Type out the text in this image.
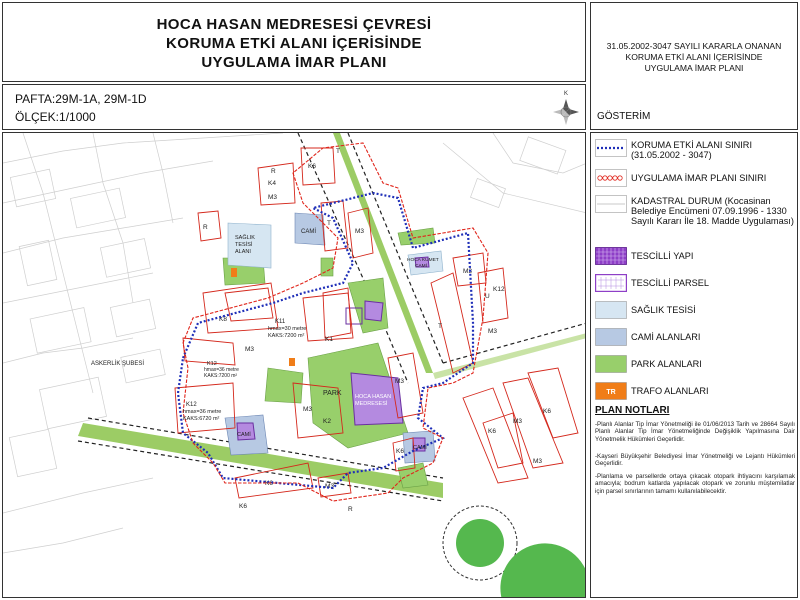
HOCA HASAN MEDRESESİ ÇEVRESİ
KORUMA ETKİ ALANI İÇERİSİNDE
UYGULAMA İMAR PLANI
PAFTA:29M-1A, 29M-1D
ÖLÇEK:1/1000
K
31.05.2002-3047 SAYILI KARARLA ONANAN
KORUMA ETKİ ALANI İÇERİSİNDE
UYGULAMA İMAR PLANI
GÖSTERİM
K4
K6
M3
K8
M3
K1
M3
K2
K6	M3
M3
T
T
U
M3
M3
K12
K6
M3
K6
M3
M3
K6
R
R
T
R
K6
PARK HOCA HASAN
MEDRESESİ
ASKERLİK ŞUBESİ
SAĞLIK
TESİSİ
ALANI
CAMİ
CAMİ
CAMİ
HOCA KUMET
CAMİ
K11
hmax=30 metre
KAKS:7200 m²
K12
hmax=36 metre
KAKS:6720 m²
K12
hmax=36 metre
KAKS:7200 m²
KORUMA ETKİ ALANI SINIRI (31.05.2002 - 3047)
UYGULAMA İMAR PLANI SINIRI
KADASTRAL DURUM (Kocasinan Belediye Encümeni 07.09.1996 - 1330 Sayılı Kararı İle 18. Madde Uygulaması)
TESCİLLİ YAPI
TESCİLLİ PARSEL
SAĞLIK TESİSİ
CAMİ ALANLARI
PARK ALANLARI
TR TRAFO ALANLARI
PLAN NOTLARI
-Planlı Alanlar Tip İmar Yönetmeliği ile 01/06/2013 Tarih ve 28664 Sayılı Planlı Alanlar Tip İmar Yönetmeliğinde Değişiklik Yapılmasına Dair Yönetmelik Hükümleri Geçerlidir.
-Kayseri Büyükşehir Belediyesi İmar Yönetmeliği ve Lejantı Hükümleri Geçerlidir.
-Planlama ve parsellerde ortaya çıkacak otopark ihtiyacını karşılamak amacıyla; bodrum katlarda yapılacak otopark ve zorunlu müştemilatlar için parsel sınırlarının tamamı kullanılabilecektir.
